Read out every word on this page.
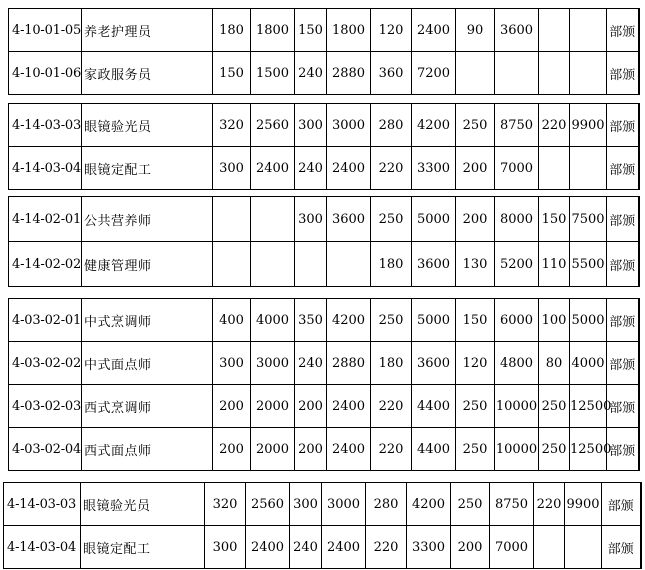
4-10-01-05	养老护理员	180	1800	150	1800	120	2400	90	3600			部颁
4-10-01-06	家政服务员	150	1500	240	2880	360	7200					部颁
4-14-03-03	眼镜验光员	320	2560	300	3000	280	4200	250	8750	220	9900	部颁
4-14-03-04	眼镜定配工	300	2400	240	2400	220	3300	200	7000			部颁
4-14-02-01	公共营养师			300	3600	250	5000	200	8000	150	7500	部颁
4-14-02-02	健康管理师					180	3600	130	5200	110	5500	部颁
4-03-02-01	中式烹调师	400	4000	350	4200	250	5000	150	6000	100	5000	部颁
4-03-02-02	中式面点师	300	3000	240	2880	180	3600	120	4800	80	4000	部颁
4-03-02-03	西式烹调师	200	2000	200	2400	220	4400	250	10000	250	12500	部颁
4-03-02-04	西式面点师	200	2000	200	2400	220	4400	250	10000	250	12500	部颁
4-14-03-03	眼镜验光员	320	2560	300	3000	280	4200	250	8750	220	9900	部颁
4-14-03-04	眼镜定配工	300	2400	240	2400	220	3300	200	7000			部颁
